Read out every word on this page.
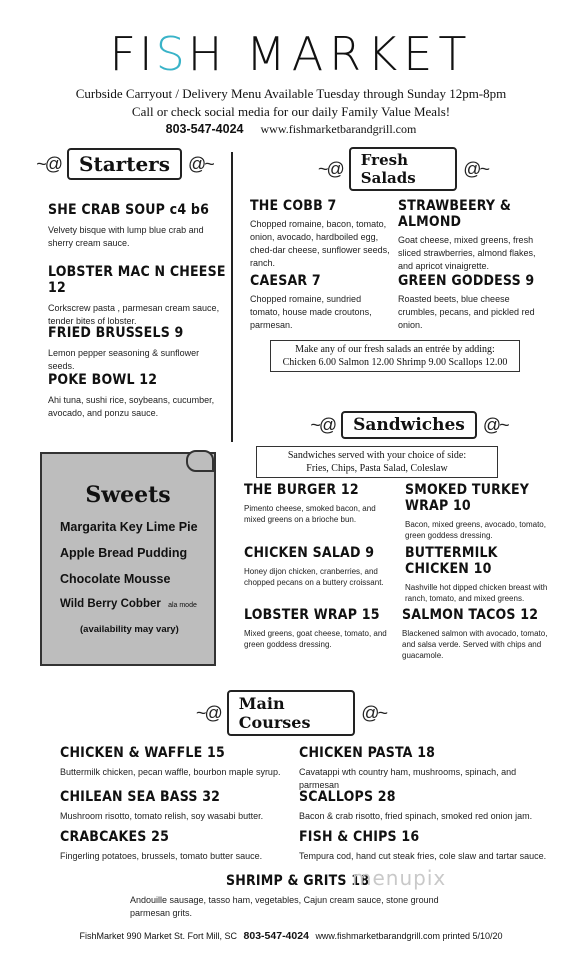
FISH MARKET
Curbside Carryout / Delivery Menu Available Tuesday through Sunday 12pm-8pm
Call or check social media for our daily Family Value Meals!
803-547-4024 www.fishmarketbarandgrill.com
~@ Starters	@~
SHE CRAB SOUP c4 b6
Velvety bisque with lump blue crab and sherry cream sauce.
LOBSTER MAC N CHEESE 12
Corkscrew pasta , parmesan cream sauce, tender bites of lobster.
FRIED BRUSSELS 9
Lemon pepper seasoning & sunflower seeds.
POKE BOWL 12
Ahi tuna, sushi rice, soybeans, cucumber, avocado, and ponzu sauce.
Sweets
Margarita Key Lime Pie
Apple Bread Pudding
Chocolate Mousse
Wild Berry Cobber ala mode
(availability may vary)
~@	Fresh Salads	@~
THE COBB 7
Chopped romaine, bacon, tomato, onion, avocado, hardboiled egg, ched-dar cheese, sunflower seeds, ranch.
STRAWBEERY & ALMOND
Goat cheese, mixed greens, fresh sliced strawberries, almond flakes, and apricot vinaigrette.
CAESAR 7
Chopped romaine, sundried tomato, house made croutons, parmesan.
GREEN GODDESS 9
Roasted beets, blue cheese crumbles, pecans, and pickled red onion.
Make any of our fresh salads an entrée by adding:
Chicken 6.00 Salmon 12.00 Shrimp 9.00 Scallops 12.00
~@	Sandwiches	@~
Sandwiches served with your choice of side:
Fries, Chips, Pasta Salad, Coleslaw
THE BURGER 12
Pimento cheese, smoked bacon, and mixed greens on a brioche bun.
SMOKED TURKEY WRAP 10
Bacon, mixed greens, avocado, tomato, green goddess dressing.
CHICKEN SALAD 9
Honey dijon chicken, cranberries, and chopped pecans on a buttery croissant.
BUTTERMILK CHICKEN 10
Nashville hot dipped chicken breast with ranch, tomato, and mixed greens.
LOBSTER WRAP 15
Mixed greens, goat cheese, tomato, and green goddess dressing.
SALMON TACOS 12
Blackened salmon with avocado, tomato, and salsa verde. Served with chips and guacamole.
~@	Main Courses	@~
CHICKEN & WAFFLE 15
Buttermilk chicken, pecan waffle, bourbon maple syrup.
CHICKEN PASTA 18
Cavatappi wth country ham, mushrooms, spinach, and parmesan
CHILEAN SEA BASS 32
Mushroom risotto, tomato relish, soy wasabi butter.
SCALLOPS 28
Bacon & crab risotto, fried spinach, smoked red onion jam.
CRABCAKES 25
Fingerling potatoes, brussels, tomato butter sauce.
FISH & CHIPS 16
Tempura cod, hand cut steak fries, cole slaw and tartar sauce.
SHRIMP & GRITS 18
Andouille sausage, tasso ham, vegetables, Cajun cream sauce, stone ground parmesan grits.
menupix
FishMarket 990 Market St. Fort Mill, SC 803-547-4024 www.fishmarketbarandgrill.com printed 5/10/20
